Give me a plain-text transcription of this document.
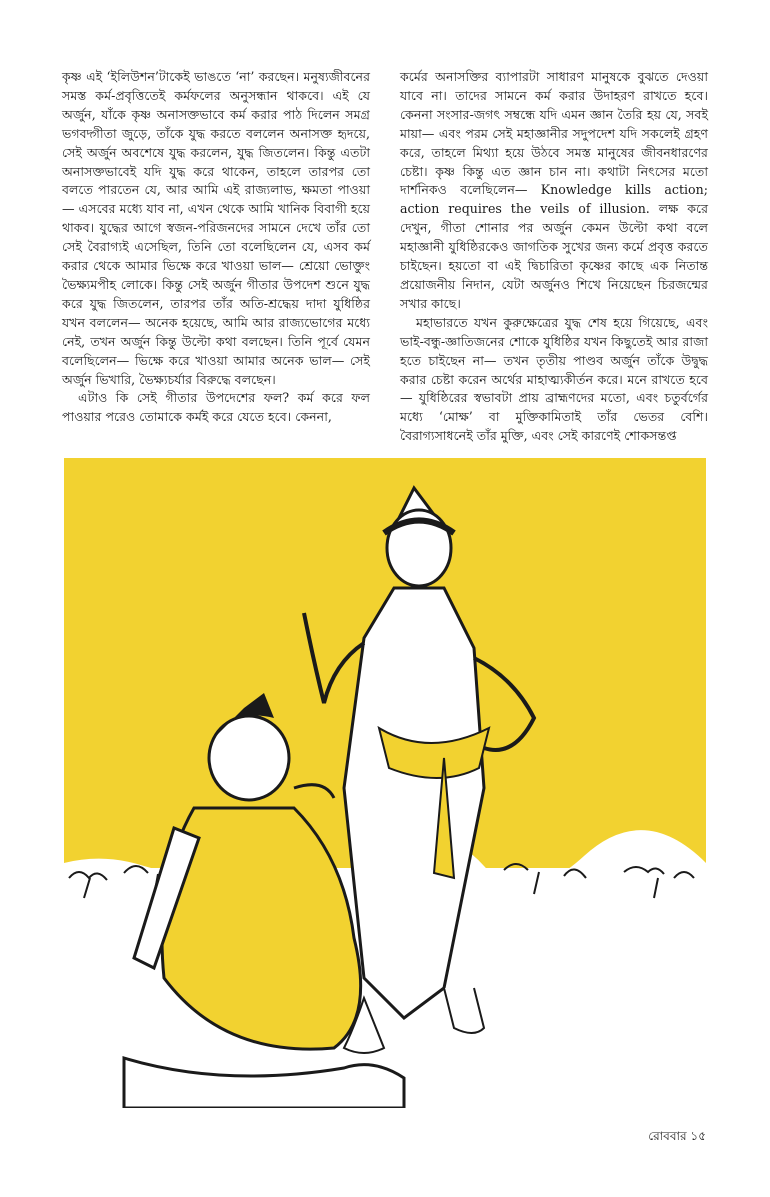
কৃষ্ণ এই ‘ইলিউশন’টাকেই ভাঙতে ‘না’ করছেন। মনুষ্যজীবনের সমস্ত কর্ম-প্রবৃত্তিতেই কর্মফলের অনুসন্ধান থাকবে। এই যে অর্জুন, যাঁকে কৃষ্ণ অনাসক্তভাবে কর্ম করার পাঠ দিলেন সমগ্র ভগবদ্গীতা জুড়ে, তাঁকে যুদ্ধ করতে বললেন অনাসক্ত হৃদয়ে, সেই অর্জুন অবশেষে যুদ্ধ করলেন, যুদ্ধ জিতলেন। কিন্তু এতটা অনাসক্তভাবেই যদি যুদ্ধ করে থাকেন, তাহলে তারপর তো বলতে পারতেন যে, আর আমি এই রাজ্যলাভ, ক্ষমতা পাওয়া— এসবের মধ্যে যাব না, এখন থেকে আমি খানিক বিবাগী হয়ে থাকব। যুদ্ধের আগে স্বজন-পরিজনদের সামনে দেখে তাঁর তো সেই বৈরাগ্যই এসেছিল, তিনি তো বলেছিলেন যে, এসব কর্ম করার থেকে আমার ভিক্ষে করে খাওয়া ভাল— শ্রেয়ো ভোক্তুং ভৈক্ষ্যমপীহ লোকে। কিন্তু সেই অর্জুন গীতার উপদেশ শুনে যুদ্ধ করে যুদ্ধ জিতলেন, তারপর তাঁর অতি-শ্রদ্ধেয় দাদা যুধিষ্ঠির যখন বললেন— অনেক হয়েছে, আমি আর রাজ্যভোগের মধ্যে নেই, তখন অর্জুন কিন্তু উল্টো কথা বলছেন। তিনি পূর্বে যেমন বলেছিলেন— ভিক্ষে করে খাওয়া আমার অনেক ভাল— সেই অর্জুন ভিখারি, ভৈক্ষ্যচর্যার বিরুদ্ধে বলছেন।

এটাও কি সেই গীতার উপদেশের ফল? কর্ম করে ফল পাওয়ার পরেও তোমাকে কর্মই করে যেতে হবে। কেননা,

কর্মের অনাসক্তির ব্যাপারটা সাধারণ মানুষকে বুঝতে দেওয়া যাবে না। তাদের সামনে কর্ম করার উদাহরণ রাখতে হবে। কেননা সংসার-জগৎ সম্বন্ধে যদি এমন জ্ঞান তৈরি হয় যে, সবই মায়া— এবং পরম সেই মহাজ্ঞানীর সদুপদেশ যদি সকলেই গ্রহণ করে, তাহলে মিথ্যা হয়ে উঠবে সমস্ত মানুষের জীবনধারণের চেষ্টা। কৃষ্ণ কিন্তু এত জ্ঞান চান না। কথাটা নিৎসের মতো দার্শনিকও বলেছিলেন— Knowledge kills action; action requires the veils of illusion. লক্ষ করে দেখুন, গীতা শোনার পর অর্জুন কেমন উল্টো কথা বলে মহাজ্ঞানী যুধিষ্ঠিরকেও জাগতিক সুখের জন্য কর্মে প্রবৃত্ত করতে চাইছেন। হয়তো বা এই দ্বিচারিতা কৃষ্ণের কাছে এক নিতান্ত প্রয়োজনীয় নিদান, যেটা অর্জুনও শিখে নিয়েছেন চিরজন্মের সখার কাছে।

মহাভারতে যখন কুরুক্ষেত্রের যুদ্ধ শেষ হয়ে গিয়েছে, এবং ভাই-বন্ধু-জ্ঞাতিজনের শোকে যুধিষ্ঠির যখন কিছুতেই আর রাজা হতে চাইছেন না— তখন তৃতীয় পাণ্ডব অর্জুন তাঁকে উদ্বুদ্ধ করার চেষ্টা করেন অর্থের মাহাত্ম্যকীর্তন করে। মনে রাখতে হবে— যুধিষ্ঠিরের স্বভাবটা প্রায় ব্রাহ্মণদের মতো, এবং চতুর্বর্গের মধ্যে ‘মোক্ষ’ বা মুক্তিকামিতাই তাঁর ভেতর বেশি। বৈরাগ্যসাধনেই তাঁর মুক্তি, এবং সেই কারণেই শোকসন্তপ্ত

রোববার ১৫
